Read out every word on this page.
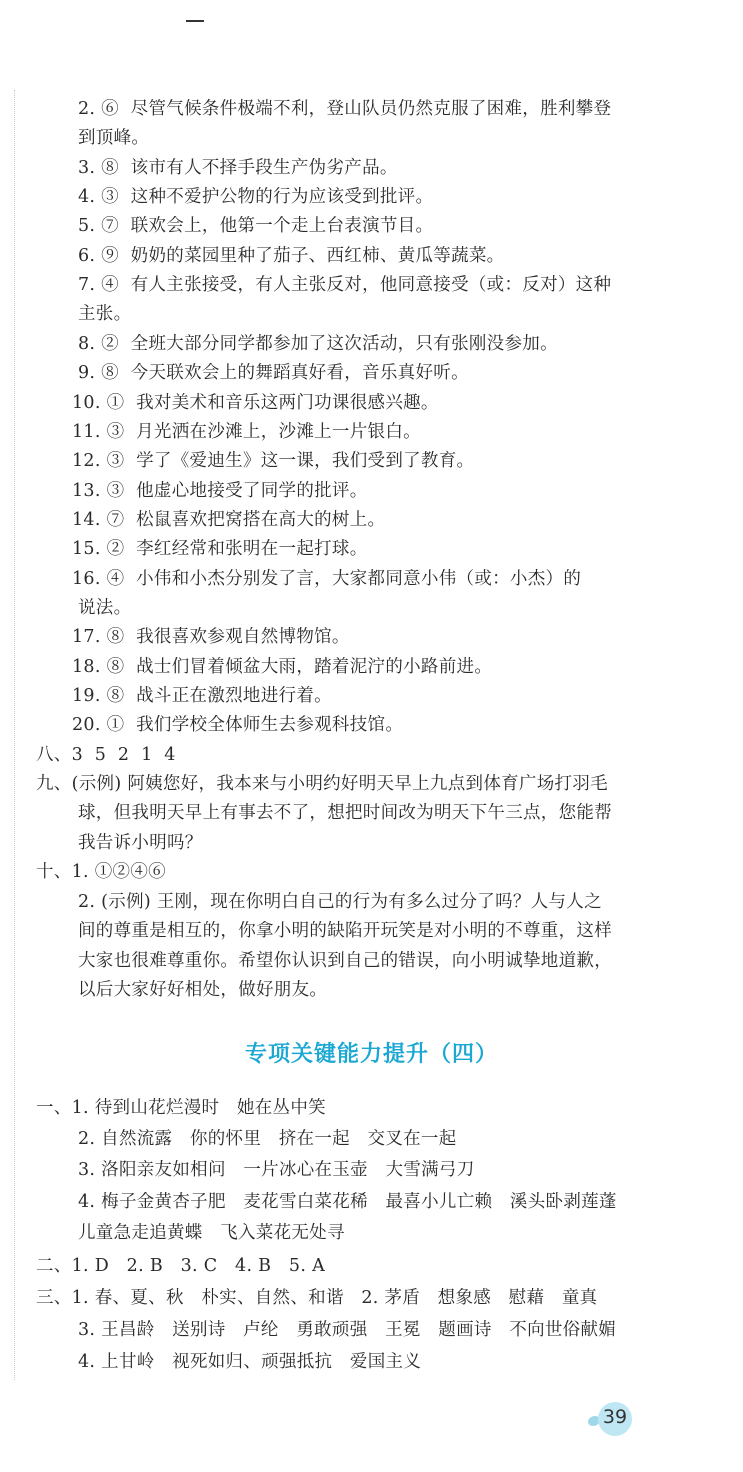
2. ⑥  尽管气候条件极端不利，登山队员仍然克服了困难，胜利攀登
到顶峰。
3. ⑧  该市有人不择手段生产伪劣产品。
4. ③  这种不爱护公物的行为应该受到批评。
5. ⑦  联欢会上，他第一个走上台表演节目。
6. ⑨  奶奶的菜园里种了茄子、西红柿、黄瓜等蔬菜。
7. ④  有人主张接受，有人主张反对，他同意接受（或：反对）这种
主张。
8. ②  全班大部分同学都参加了这次活动，只有张刚没参加。
9. ⑧  今天联欢会上的舞蹈真好看，音乐真好听。
10. ①  我对美术和音乐这两门功课很感兴趣。
11. ③  月光洒在沙滩上，沙滩上一片银白。
12. ③  学了《爱迪生》这一课，我们受到了教育。
13. ③  他虚心地接受了同学的批评。
14. ⑦  松鼠喜欢把窝搭在高大的树上。
15. ②  李红经常和张明在一起打球。
16. ④  小伟和小杰分别发了言，大家都同意小伟（或：小杰）的
说法。
17. ⑧  我很喜欢参观自然博物馆。
18. ⑧  战士们冒着倾盆大雨，踏着泥泞的小路前进。
19. ⑧  战斗正在激烈地进行着。
20. ①  我们学校全体师生去参观科技馆。
八、3  5  2  1  4
九、(示例) 阿姨您好，我本来与小明约好明天早上九点到体育广场打羽毛
球，但我明天早上有事去不了，想把时间改为明天下午三点，您能帮
我告诉小明吗？
十、1. ①②④⑥
2. (示例) 王刚，现在你明白自己的行为有多么过分了吗？人与人之
间的尊重是相互的，你拿小明的缺陷开玩笑是对小明的不尊重，这样
大家也很难尊重你。希望你认识到自己的错误，向小明诚挚地道歉，
以后大家好好相处，做好朋友。
一、1. 待到山花烂漫时   她在丛中笑
2. 自然流露   你的怀里   挤在一起   交叉在一起
3. 洛阳亲友如相问   一片冰心在玉壶   大雪满弓刀
4. 梅子金黄杏子肥   麦花雪白菜花稀   最喜小儿亡赖   溪头卧剥莲蓬
儿童急走追黄蝶   飞入菜花无处寻
二、1. D   2. B   3. C   4. B   5. A
三、1. 春、夏、秋   朴实、自然、和谐   2. 茅盾   想象感   慰藉   童真
3. 王昌龄   送别诗   卢纶   勇敢顽强   王冕   题画诗   不向世俗献媚
4. 上甘岭   视死如归、顽强抵抗   爱国主义
专项关键能力提升（四）
39
